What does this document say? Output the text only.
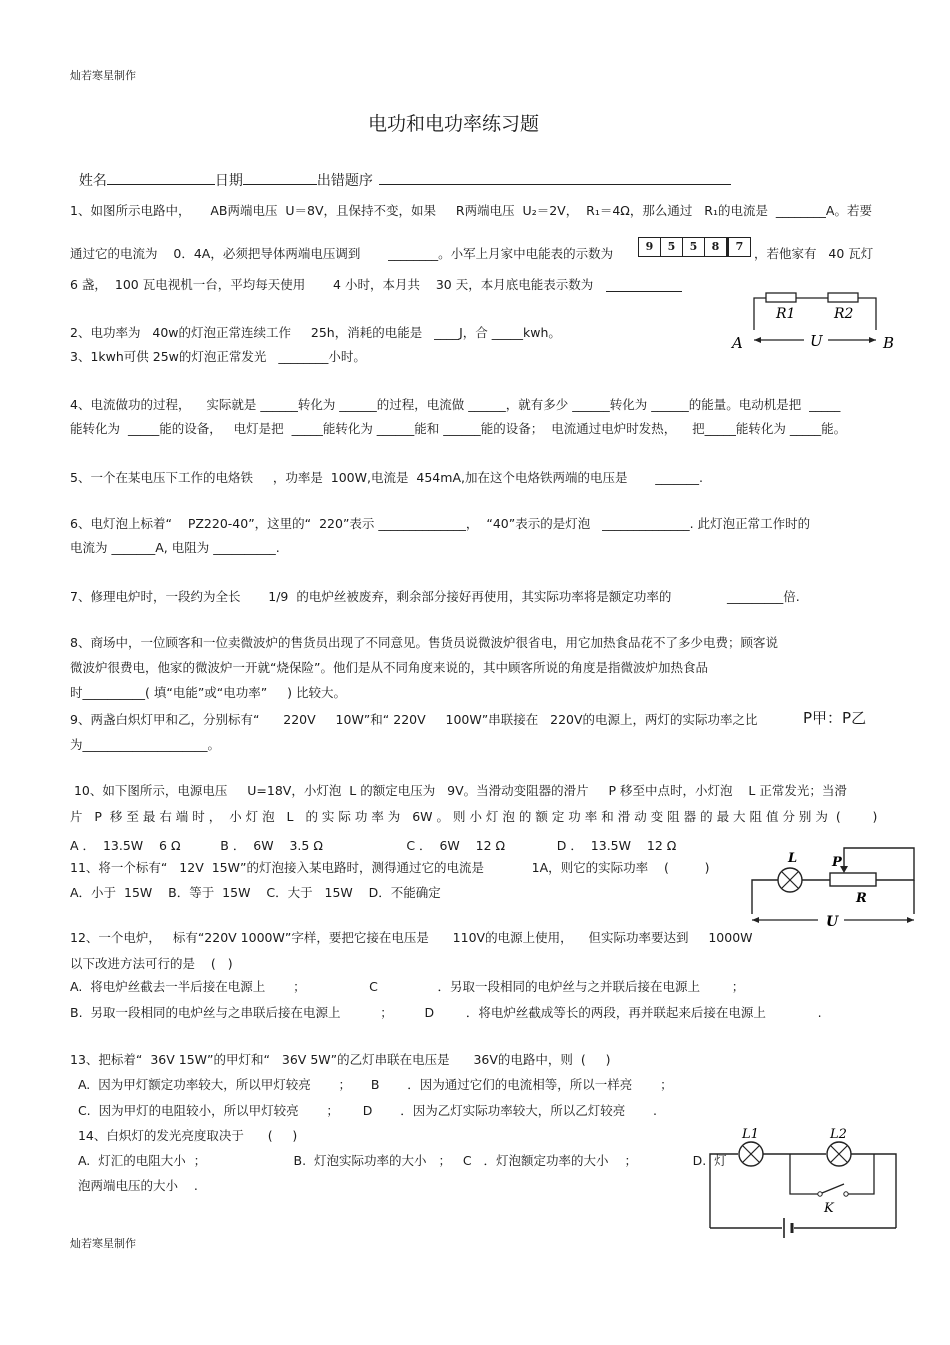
灿若寒星制作
电功和电功率练习题

姓名	日期	出错题序

1、如图所示电路中，     AB两端电压  U＝8V，且保持不变，如果     R两端电压  U₂＝2V，  R₁＝4Ω，那么通过   R₁的电流是  ________A。若要
通过它的电流为    0．4A，必须把导体两端电压调到       ________。小军上月家中电能表的示数为	9	5	5	8	7 ，若他家有   40 瓦灯
6 盏，  100 瓦电视机一台，平均每天使用       4 小时，本月共    30 天，本月底电能表示数为
R1	R2
A	U	B
2、电功率为   40w的灯泡正常连续工作     25h，消耗的电能是   ____J，合 _____kwh。
3、1kwh可供 25w的灯泡正常发光   ________小时。
4、电流做功的过程，    实际就是 ______转化为 ______的过程，电流做 ______，就有多少 ______转化为 ______的能量。电动机是把  _____
能转化为  _____能的设备，   电灯是把  _____能转化为 ______能和 ______能的设备；  电流通过电炉时发热，    把_____能转化为 _____能。
5、一个在某电压下工作的电烙铁     ，功率是  100W,电流是  454mA,加在这个电烙铁两端的电压是       _______.
6、电灯泡上标着“    PZ220-40”，这里的“  220”表示 ______________，  “40”表示的是灯泡   ______________. 此灯泡正常工作时的
电流为 _______A, 电阻为 __________.
7、修理电炉时，一段约为全长       1/9  的电炉丝被废弃，剩余部分接好再使用，其实际功率将是额定功率的              _________倍.
8、商场中，一位顾客和一位卖微波炉的售货员出现了不同意见。售货员说微波炉很省电，用它加热食品花不了多少电费；顾客说
微波炉很费电，他家的微波炉一开就“烧保险”。他们是从不同角度来说的，其中顾客所说的角度是指微波炉加热食品
时__________( 填“电能”或“电功率”     ) 比较大。
9、两盏白炽灯甲和乙，分别标有“      220V     10W”和“ 220V     100W”串联接在   220V的电源上，两灯的实际功率之比	P甲：P乙
为____________________。
10、如下图所示，电源电压     U=18V，小灯泡  L 的额定电压为   9V。当滑动变阻器的滑片     P 移至中点时，小灯泡    L 正常发光；当滑
片   P  移 至 最 右 端 时 ，  小 灯 泡   L   的 实 际 功 率 为   6W 。 则 小 灯 泡 的 额 定 功 率 和 滑 动 变 阻 器 的 最 大 阻 值 分 别 为  (        )
A ．  13.5W    6 Ω          B ．  6W    3.5 Ω                     C ．  6W    12 Ω             D ．  13.5W    12 Ω
11、将一个标有“   12V  15W”的灯泡接入某电路时，测得通过它的电流是            1A，则它的实际功率    (         )
A．小于  15W    B．等于  15W    C．大于   15W    D．不能确定
L	P
R
U
12、一个电炉，   标有“220V 1000W”字样，要把它接在电压是      110V的电源上使用，    但实际功率要达到     1000W
以下改进方法可行的是    (   )
A.  将电炉丝截去一半后接在电源上       ；                C               ．另取一段相同的电炉丝与之并联后接在电源上        ；
B.  另取一段相同的电炉丝与之串联后接在电源上          ；        D        ．将电炉丝截成等长的两段，再并联起来后接在电源上             .
13、把标着“  36V 15W”的甲灯和“   36V 5W”的乙灯串联在电压是      36V的电路中，则  (     )
A.  因为甲灯额定功率较大，所以甲灯较亮       ；     B       ．因为通过它们的电流相等，所以一样亮       ；
C.  因为甲灯的电阻较小，所以甲灯较亮       ；      D       ．因为乙灯实际功率较大，所以乙灯较亮       .
14、白炽灯的发光亮度取决于      (     )
A.  灯汇的电阻大小  ；                      B.  灯泡实际功率的大小   ；   C   ．灯泡额定功率的大小    ；              D.  灯
泡两端电压的大小    .
L1	L2
K
灿若寒星制作
